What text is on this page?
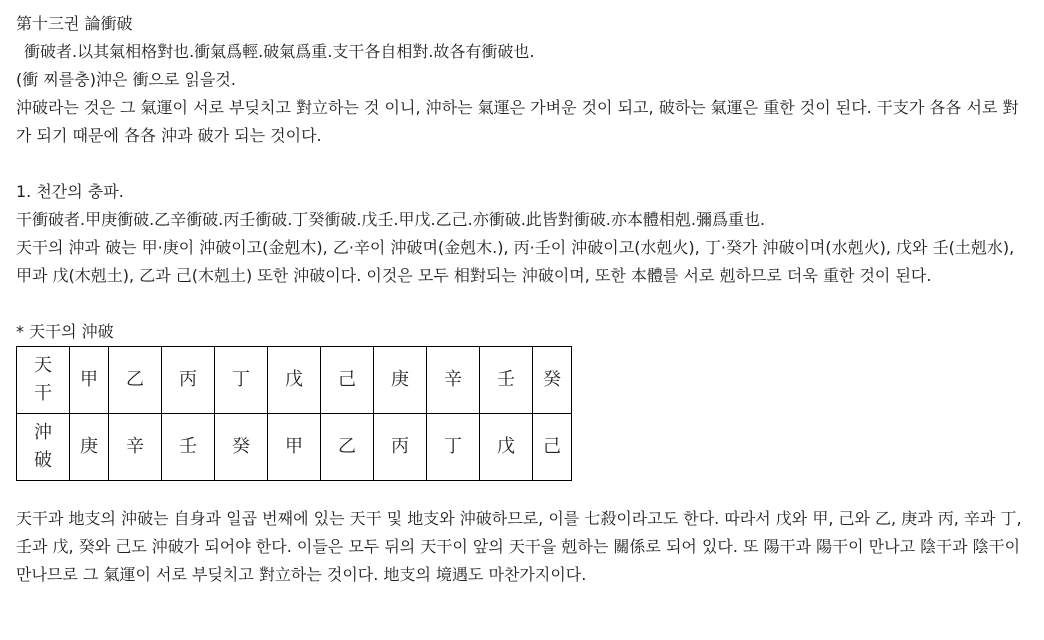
第十三권 論衝破
衝破者.以其氣相格對也.衝氣爲輕.破氣爲重.支干各自相對.故各有衝破也.
(衝 찌를충)沖은 衝으로 읽을것.
沖破라는 것은 그 氣運이 서로 부딪치고 對立하는 것 이니, 沖하는 氣運은 가벼운 것이 되고, 破하는 氣運은 重한 것이 된다. 干支가 各各 서로 對가 되기 때문에 各各 沖과 破가 되는 것이다.
1. 천간의 충파.
干衝破者.甲庚衝破.乙辛衝破.丙壬衝破.丁癸衝破.戊壬.甲戊.乙己.亦衝破.此皆對衝破.亦本體相剋.彌爲重也.
天干의 沖과 破는 甲·庚이 沖破이고(金剋木), 乙·辛이 沖破며(金剋木.), 丙·壬이 沖破이고(水剋火), 丁·癸가 沖破이며(水剋火), 戊와 壬(土剋水), 甲과 戊(木剋土), 乙과 己(木剋土) 또한 沖破이다. 이것은 모두 相對되는 沖破이며, 또한 本體를 서로 剋하므로 더욱 重한 것이 된다.
* 天干의 沖破
天
干	甲	乙	丙	丁	戊	己	庚	辛	壬	癸

沖
破	庚	辛	壬	癸	甲	乙	丙	丁	戊	己
天干과 地支의 沖破는 自身과 일곱 번째에 있는 天干 및 地支와 沖破하므로, 이를 七殺이라고도 한다. 따라서 戊와 甲, 己와 乙, 庚과 丙, 辛과 丁, 壬과 戊, 癸와 己도 沖破가 되어야 한다. 이들은 모두 뒤의 天干이 앞의 天干을 剋하는 關係로 되어 있다. 또 陽干과 陽干이 만나고 陰干과 陰干이 만나므로 그 氣運이 서로 부딪치고 對立하는 것이다. 地支의 境遇도 마찬가지이다.
